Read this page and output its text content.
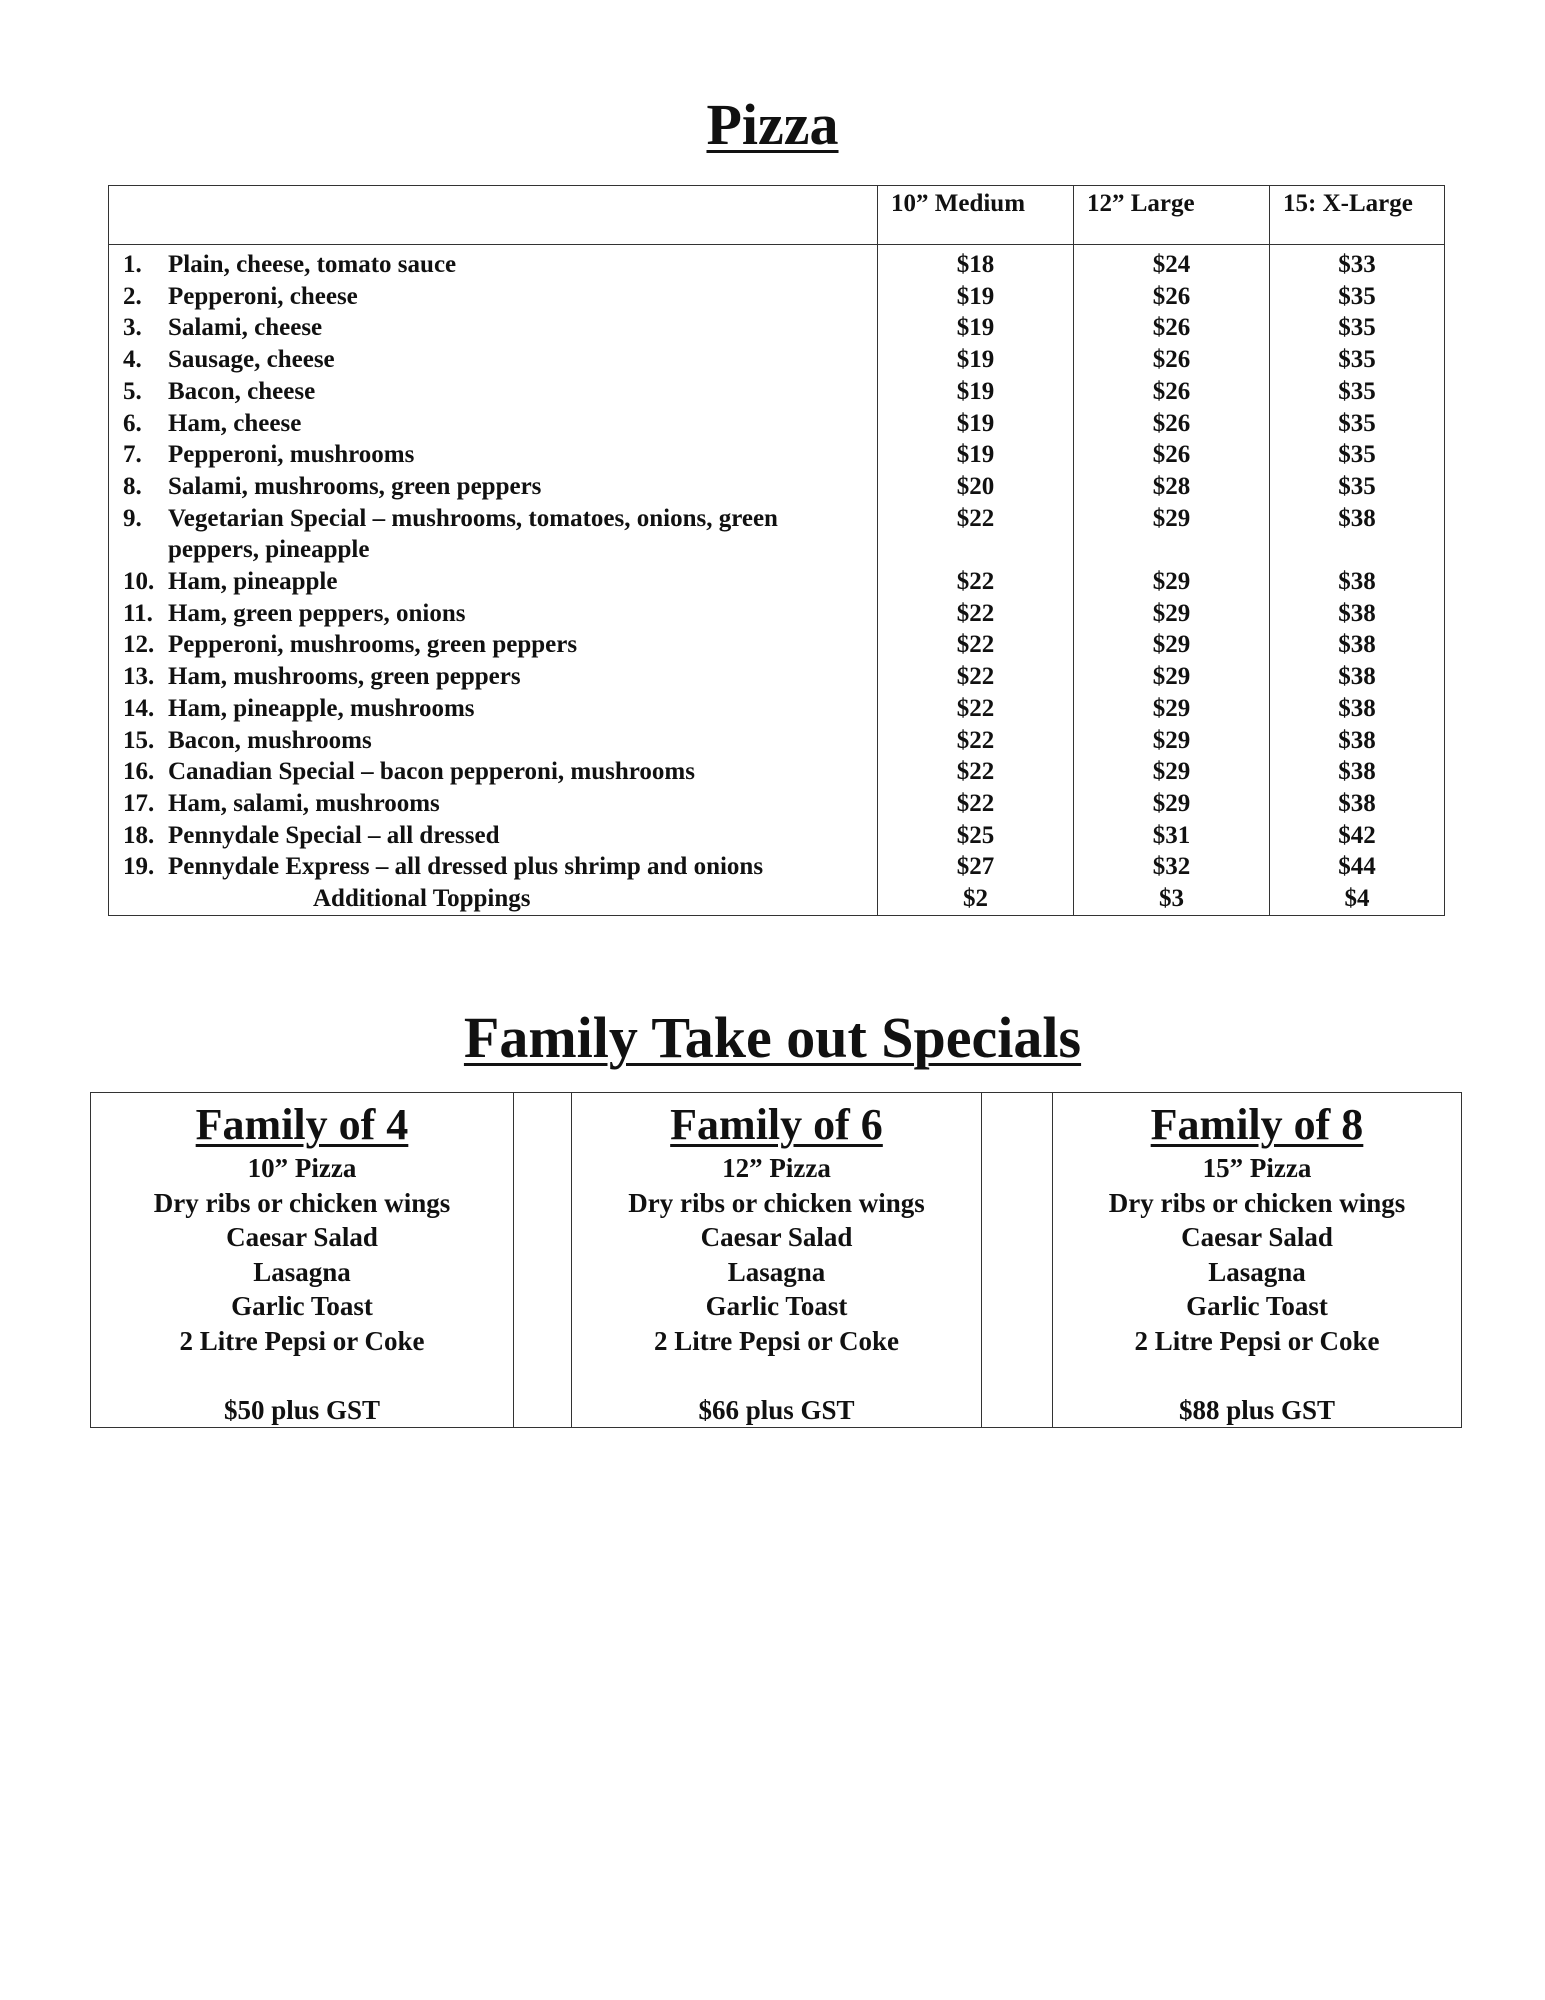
Pizza
	10” Medium	12” Large	15: X-Large

1. Plain, cheese, tomato sauce	$18	$24	$33

2. Pepperoni, cheese	$19	$26	$35

3. Salami, cheese	$19	$26	$35

4. Sausage, cheese	$19	$26	$35

5. Bacon, cheese	$19	$26	$35

6. Ham, cheese	$19	$26	$35

7. Pepperoni, mushrooms	$19	$26	$35

8. Salami, mushrooms, green peppers	$20	$28	$35

9. Vegetarian Special – mushrooms, tomatoes, onions, green peppers, pineapple	$22	$29	$38

10. Ham, pineapple	$22	$29	$38

11. Ham, green peppers, onions	$22	$29	$38

12. Pepperoni, mushrooms, green peppers	$22	$29	$38

13. Ham, mushrooms, green peppers	$22	$29	$38

14. Ham, pineapple, mushrooms	$22	$29	$38

15. Bacon, mushrooms	$22	$29	$38

16. Canadian Special – bacon pepperoni, mushrooms	$22	$29	$38

17. Ham, salami, mushrooms	$22	$29	$38

18. Pennydale Special – all dressed	$25	$31	$42

19. Pennydale Express – all dressed plus shrimp and onions	$27	$32	$44

Additional Toppings	$2	$3	$4
Family Take out Specials
Family of 4
10” Pizza
Dry ribs or chicken wings
Caesar Salad
Lasagna
Garlic Toast
2 Litre Pepsi or Coke
$50 plus GST

Family of 6
12” Pizza
Dry ribs or chicken wings
Caesar Salad
Lasagna
Garlic Toast
2 Litre Pepsi or Coke
$66 plus GST

Family of 8
15” Pizza
Dry ribs or chicken wings
Caesar Salad
Lasagna
Garlic Toast
2 Litre Pepsi or Coke
$88 plus GST
